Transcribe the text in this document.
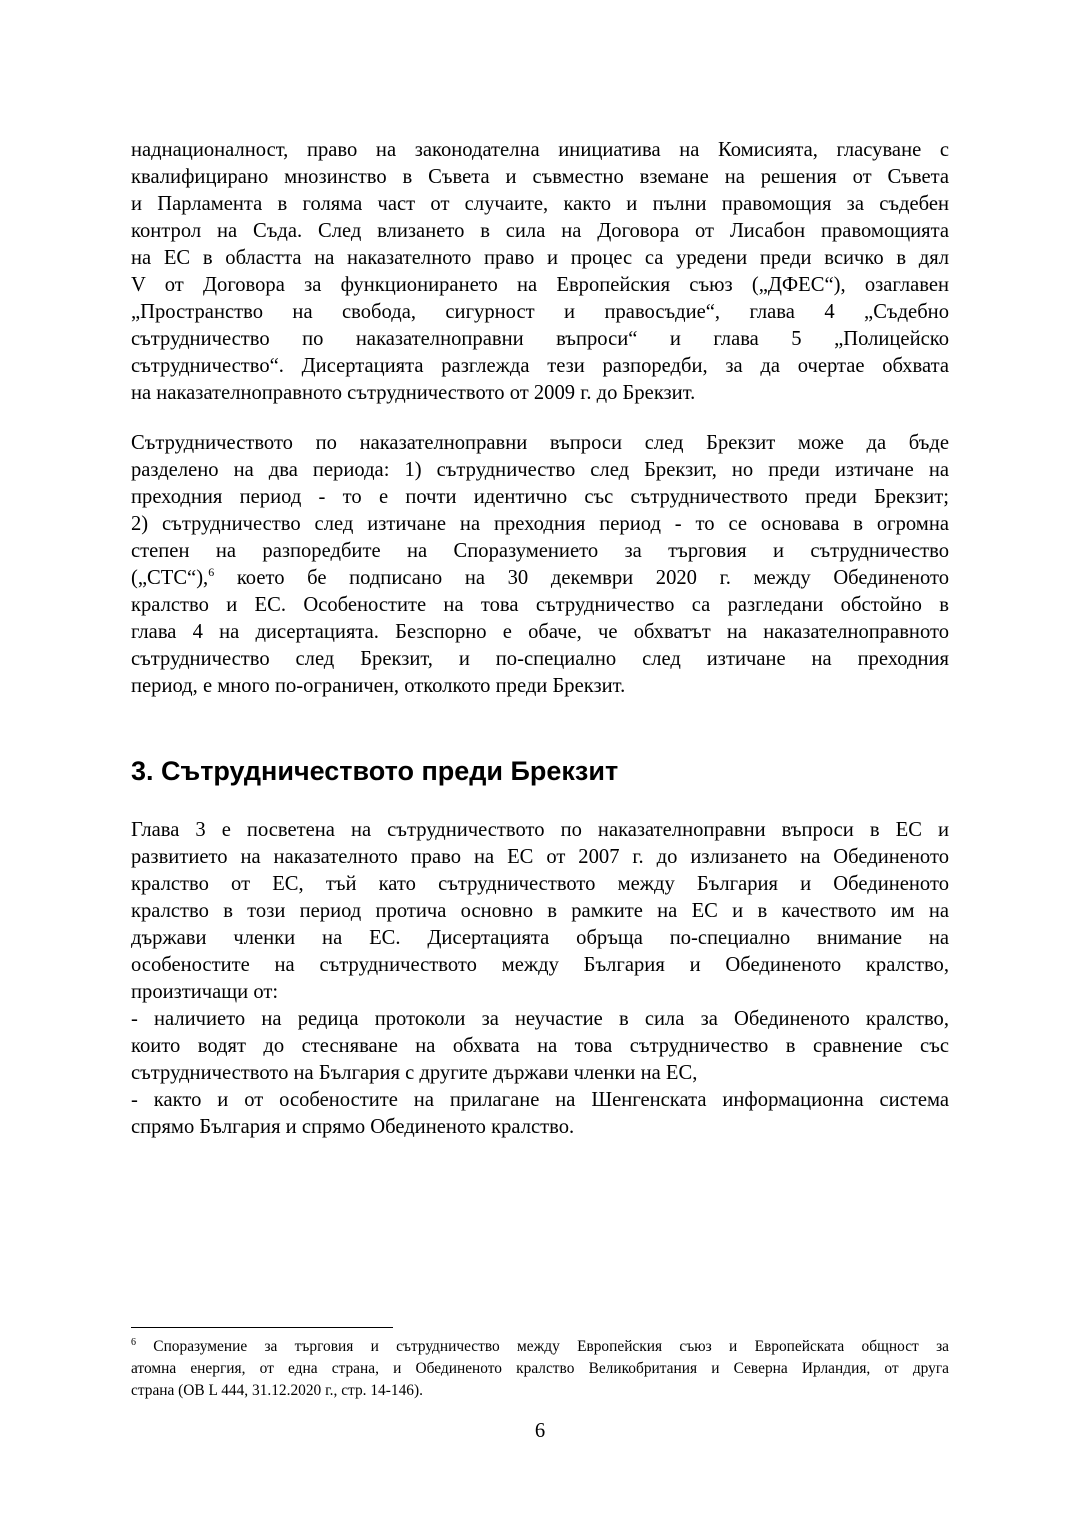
наднационалност, право на законодателна инициатива на Комисията, гласуване с
квалифицирано мнозинство в Съвета и съвместно вземане на решения от Съвета
и Парламента в голяма част от случаите, както и пълни правомощия за съдебен
контрол на Съда. След влизането в сила на Договора от Лисабон правомощията
на ЕС в областта на наказателното право и процес са уредени преди всичко в дял
V от Договора за функционирането на Европейския съюз („ДФЕС“), озаглавен
„Пространство на свобода, сигурност и правосъдие“, глава 4 „Съдебно
сътрудничество по наказателноправни въпроси“ и глава 5 „Полицейско
сътрудничество“. Дисертацията разглежда тези разпоредби, за да очертае обхвата
на наказателноправното сътрудничеството от 2009 г. до Брекзит.

Сътрудничеството по наказателноправни въпроси след Брекзит може да бъде
разделено на два периода: 1) сътрудничество след Брекзит, но преди изтичане на
преходния период - то е почти идентично със сътрудничеството преди Брекзит;
2) сътрудничество след изтичане на преходния период - то се основава в огромна
степен на разпоредбите на Споразумението за търговия и сътрудничество
(„СТС“),$^6$ което бе подписано на 30 декември 2020 г. между Обединеното
кралство и ЕС. Особеностите на това сътрудничество са разгледани обстойно в
глава 4 на дисертацията. Безспорно е обаче, че обхватът на наказателноправното
сътрудничество след Брекзит, и по-специално след изтичане на преходния
период, е много по-ограничен, отколкото преди Брекзит.

3. Сътрудничеството преди Брекзит

Глава 3 е посветена на сътрудничеството по наказателноправни въпроси в ЕС и
развитието на наказателното право на ЕС от 2007 г. до излизането на Обединеното
кралство от ЕС, тъй като сътрудничеството между България и Обединеното
кралство в този период протича основно в рамките на ЕС и в качеството им на
държави членки на ЕС. Дисертацията обръща по-специално внимание на
особеностите на сътрудничеството между България и Обединеното кралство,
произтичащи от:
- наличието на редица протоколи за неучастие в сила за Обединеното кралство,
които водят до стесняване на обхвата на това сътрудничество в сравнение със
сътрудничеството на България с другите държави членки на ЕС,
- както и от особеностите на прилагане на Шенгенската информационна система
спрямо България и спрямо Обединеното кралство.

$^6$ Споразумение за търговия и сътрудничество между Европейския съюз и Европейската общност за
атомна енергия, от една страна, и Обединеното кралство Великобритания и Северна Ирландия, от друга
страна (ОВ L 444, 31.12.2020 г., стр. 14-146).

6
